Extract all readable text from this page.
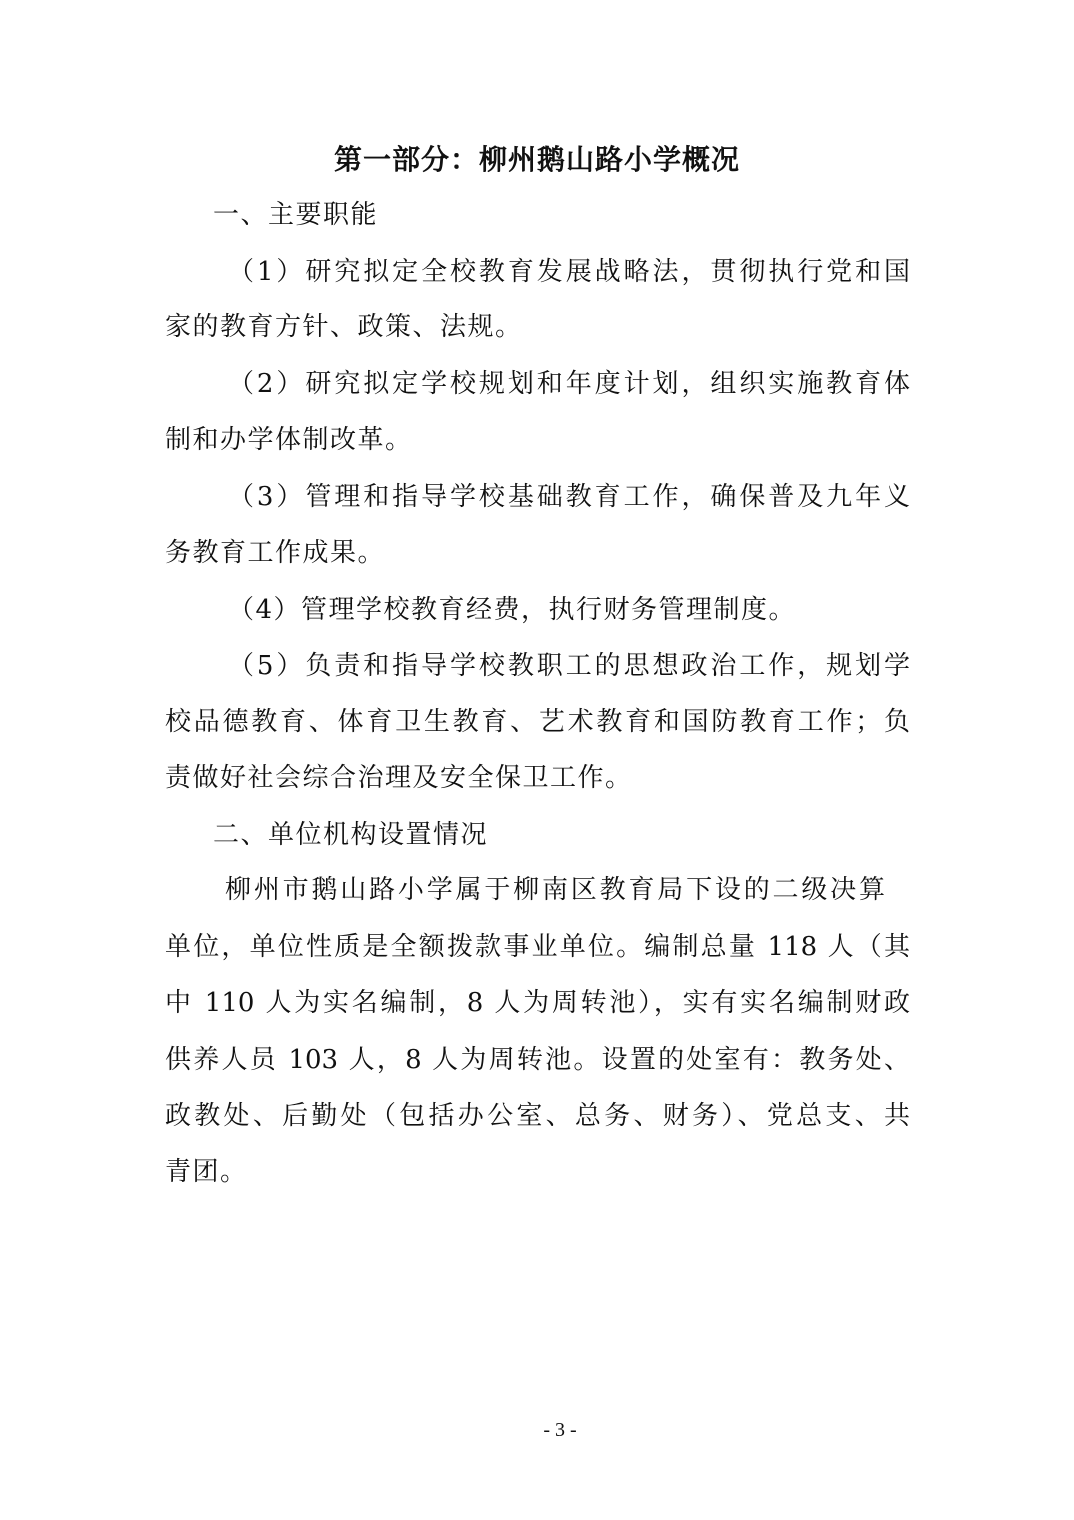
第一部分：柳州鹅山路小学概况
一、主要职能
（1）研究拟定全校教育发展战略法，贯彻执行党和国
家的教育方针、政策、法规。
（2）研究拟定学校规划和年度计划，组织实施教育体
制和办学体制改革。
（3）管理和指导学校基础教育工作，确保普及九年义
务教育工作成果。
（4）管理学校教育经费，执行财务管理制度。
（5）负责和指导学校教职工的思想政治工作，规划学
校品德教育、体育卫生教育、艺术教育和国防教育工作；负
责做好社会综合治理及安全保卫工作。
二、单位机构设置情况
柳州市鹅山路小学属于柳南区教育局下设的二级决算
单位，单位性质是全额拨款事业单位。编制总量 118 人（其
中 110 人为实名编制，8 人为周转池），实有实名编制财政
供养人员 103 人，8 人为周转池。设置的处室有：教务处、
政教处、后勤处（包括办公室、总务、财务）、党总支、共
青团。
- 3 -
